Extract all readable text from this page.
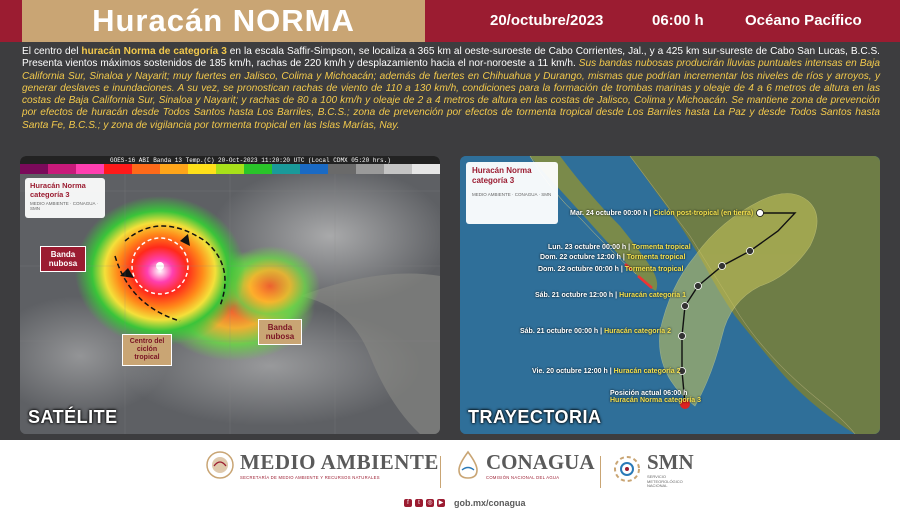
Huracán NORMA	20/octubre/2023	06:00 h	Océano Pacífico
El centro del huracán Norma de categoría 3 en la escala Saffir-Simpson, se localiza a 365 km al oeste-suroeste de Cabo Corrientes, Jal., y a 425 km sur-sureste de Cabo San Lucas, B.C.S. Presenta vientos máximos sostenidos de 185 km/h, rachas de 220 km/h y desplazamiento hacia el nor-noroeste a 11 km/h. Sus bandas nubosas producirán lluvias puntuales intensas en Baja California Sur, Sinaloa y Nayarit; muy fuertes en Jalisco, Colima y Michoacán; además de fuertes en Chihuahua y Durango, mismas que podrían incrementar los niveles de ríos y arroyos, y generar deslaves e inundaciones. A su vez, se pronostican rachas de viento de 110 a 130 km/h, condiciones para la formación de trombas marinas y oleaje de 4 a 6 metros de altura en las costas de Baja California Sur, Sinaloa y Nayarit; y rachas de 80 a 100 km/h y oleaje de 2 a 4 metros de altura en las costas de Jalisco, Colima y Michoacán. Se mantiene zona de prevención por efectos de huracán desde Todos Santos hasta Los Barriles, B.C.S.; zona de prevención por efectos de tormenta tropical desde Los Barriles hasta La Paz y desde Todos Santos hasta Santa Fe, B.C.S.; y zona de vigilancia por tormenta tropical en las Islas Marías, Nay.
GOES-16 ABI Banda 13 Temp.(C) 20-Oct-2023 11:20:20 UTC (Local CDMX 05:20 hrs.)
Huracán Norma categoría 3
MEDIO AMBIENTE · CONAGUA · SMN
Banda nubosa
Banda nubosa
Centro del ciclón tropical
SATÉLITE
Huracán Norma categoría 3
MEDIO AMBIENTE · CONAGUA · SMN
Mar. 24 octubre 00:00 h | Ciclón post-tropical (en tierra)
Lun. 23 octubre 00:00 h | Tormenta tropical
Dom. 22 octubre 12:00 h | Tormenta tropical
Dom. 22 octubre 00:00 h | Tormenta tropical
Sáb. 21 octubre 12:00 h | Huracán categoría 1
Sáb. 21 octubre 00:00 h | Huracán categoría 2
Vie. 20 octubre 12:00 h | Huracán categoría 2
Posición actual 06:00 h
Huracán Norma categoría 3
TRAYECTORIA
MEDIO AMBIENTE
SECRETARÍA DE MEDIO AMBIENTE Y RECURSOS NATURALES
CONAGUA
COMISIÓN NACIONAL DEL AGUA
SMN
SERVICIO METEOROLÓGICO NACIONAL
f	t	◎ ▶ gob.mx/conagua
